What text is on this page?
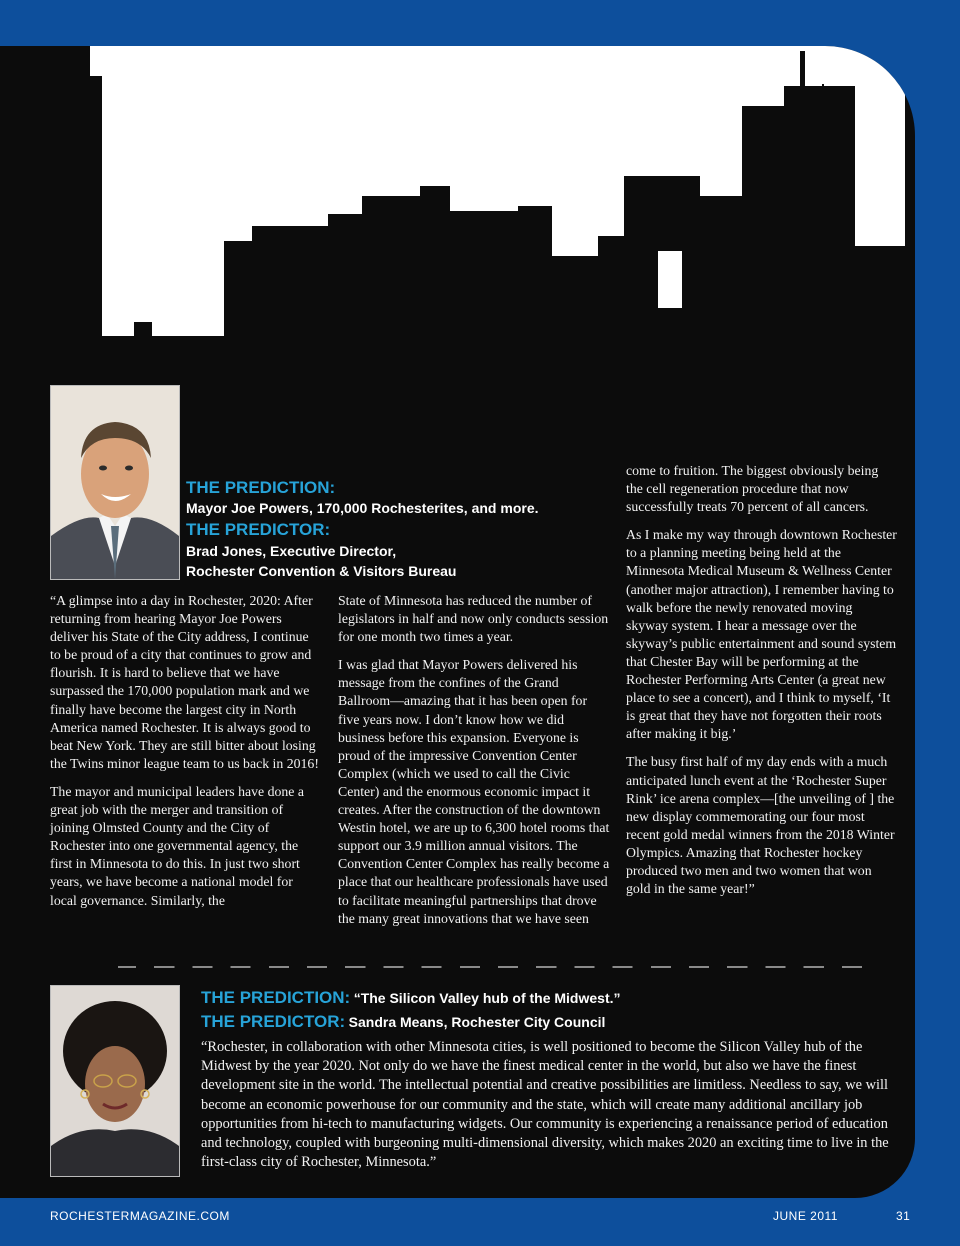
THE PREDICTION:
Mayor Joe Powers, 170,000 Rochesterites, and more.
THE PREDICTOR:
Brad Jones, Executive Director,
Rochester Convention & Visitors Bureau

“A glimpse into a day in Rochester, 2020: After returning from hearing Mayor Joe Powers deliver his State of the City address, I continue to be proud of a city that continues to grow and flourish. It is hard to believe that we have surpassed the 170,000 population mark and we finally have become the largest city in North America named Rochester. It is always good to beat New York. They are still bitter about losing the Twins minor league team to us back in 2016!

The mayor and municipal leaders have done a great job with the merger and transition of joining Olmsted County and the City of Rochester into one governmental agency, the first in Minnesota to do this. In just two short years, we have become a national model for local governance. Similarly, the

State of Minnesota has reduced the number of legislators in half and now only conducts session for one month two times a year.

I was glad that Mayor Powers delivered his message from the confines of the Grand Ballroom—amazing that it has been open for five years now. I don’t know how we did business before this expansion. Everyone is proud of the impressive Convention Center Complex (which we used to call the Civic Center) and the enormous economic impact it creates. After the construction of the downtown Westin hotel, we are up to 6,300 hotel rooms that support our 3.9 million annual visitors. The Convention Center Complex has really become a place that our healthcare professionals have used to facilitate meaningful partnerships that drove the many great innovations that we have seen

come to fruition. The biggest obviously being the cell regeneration procedure that now successfully treats 70 percent of all cancers.

As I make my way through downtown Rochester to a planning meeting being held at the Minnesota Medical Museum & Wellness Center (another major attraction), I remember having to walk before the newly renovated moving skyway system. I hear a message over the skyway’s public entertainment and sound system that Chester Bay will be performing at the Rochester Performing Arts Center (a great new place to see a concert), and I think to myself, ‘It is great that they have not forgotten their roots after making it big.’

The busy first half of my day ends with a much anticipated lunch event at the ‘Rochester Super Rink’ ice arena complex—[the unveiling of ] the new display commemorating our four most recent gold medal winners from the 2018 Winter Olympics. Amazing that Rochester hockey produced two men and two women that won gold in the same year!”

THE PREDICTION: “The Silicon Valley hub of the Midwest.”
THE PREDICTOR: Sandra Means, Rochester City Council

“Rochester, in collaboration with other Minnesota cities, is well positioned to become the Silicon Valley hub of the Midwest by the year 2020. Not only do we have the finest medical center in the world, but also we have the finest development site in the world. The intellectual potential and creative possibilities are limitless. Needless to say, we will become an economic powerhouse for our community and the state, which will create many additional ancillary job opportunities from hi-tech to manufacturing widgets. Our community is experiencing a renaissance period of education and technology, coupled with burgeoning multi-dimensional diversity, which makes 2020 an exciting time to live in the first-class city of Rochester, Minnesota.”

ROCHESTERMAGAZINE.COM	JUNE 2011	31
